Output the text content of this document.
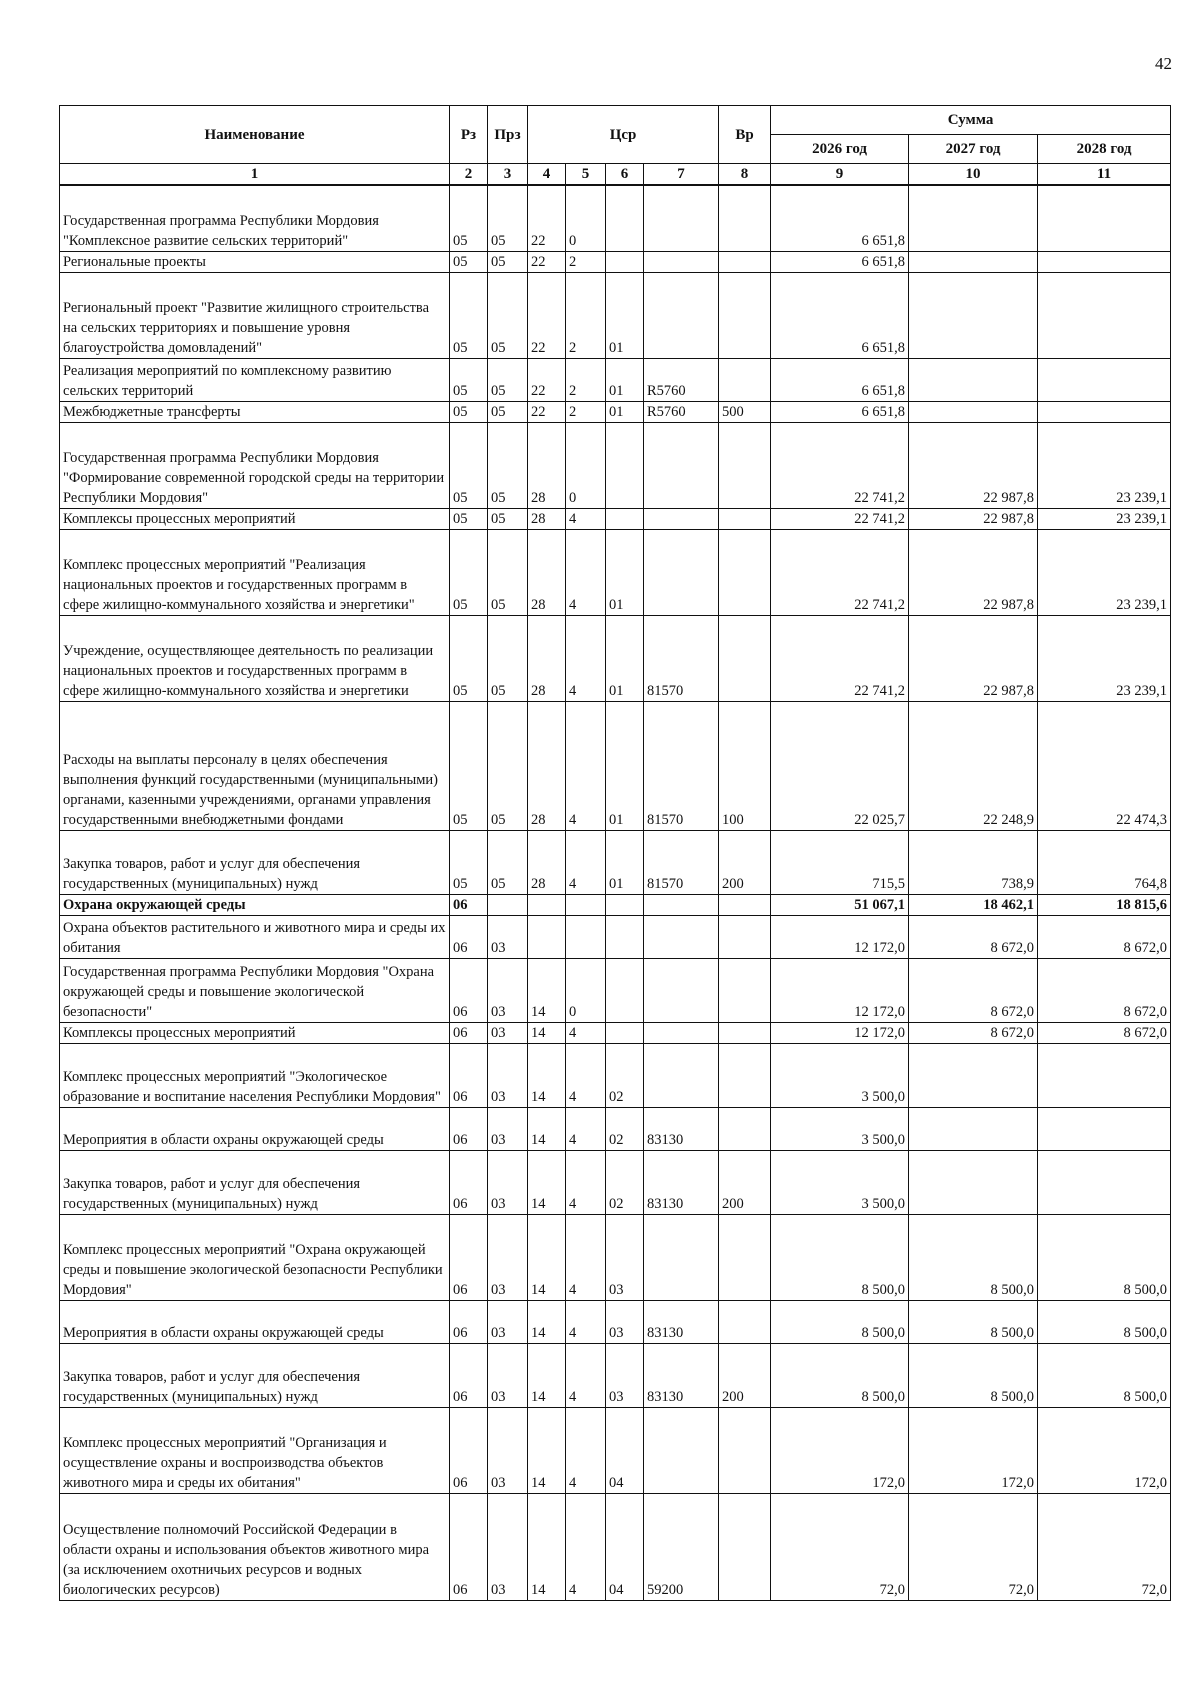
42
Наименование	Рз	Прз	Цср				Вр	Сумма		
								2026 год	2027 год	2028 год
1	2	3	4	5	6	7	8	9	10	11
Государственная программа Республики Мордовия "Комплексное развитие сельских территорий"	05	05	22	0				6 651,8		
Региональные проекты	05	05	22	2				6 651,8		
Региональный проект "Развитие жилищного строительства на сельских территориях и повышение уровня благоустройства домовладений"	05	05	22	2	01			6 651,8		
Реализация мероприятий по комплексному развитию сельских территорий	05	05	22	2	01	R5760		6 651,8		
Межбюджетные трансферты	05	05	22	2	01	R5760	500	6 651,8		
Государственная программа Республики Мордовия "Формирование современной городской среды на территории Республики Мордовия"	05	05	28	0				22 741,2	22 987,8	23 239,1
Комплексы процессных мероприятий	05	05	28	4				22 741,2	22 987,8	23 239,1
Комплекс процессных мероприятий "Реализация национальных проектов и государственных программ в сфере жилищно-коммунального хозяйства и энергетики"	05	05	28	4	01			22 741,2	22 987,8	23 239,1
Учреждение, осуществляющее деятельность по реализации национальных проектов и государственных программ в сфере жилищно-коммунального хозяйства и энергетики	05	05	28	4	01	81570		22 741,2	22 987,8	23 239,1
Расходы на выплаты персоналу в целях обеспечения выполнения функций государственными (муниципальными) органами, казенными учреждениями, органами управления государственными внебюджетными фондами	05	05	28	4	01	81570	100	22 025,7	22 248,9	22 474,3
Закупка товаров, работ и услуг для обеспечения государственных (муниципальных) нужд	05	05	28	4	01	81570	200	715,5	738,9	764,8
Охрана окружающей среды	06							51 067,1	18 462,1	18 815,6
Охрана объектов растительного и животного мира и среды их обитания	06	03						12 172,0	8 672,0	8 672,0
Государственная программа Республики Мордовия "Охрана окружающей среды и повышение экологической безопасности"	06	03	14	0				12 172,0	8 672,0	8 672,0
Комплексы процессных мероприятий	06	03	14	4				12 172,0	8 672,0	8 672,0
Комплекс процессных мероприятий "Экологическое образование и воспитание населения Республики Мордовия"	06	03	14	4	02			3 500,0		
Мероприятия в области охраны окружающей среды	06	03	14	4	02	83130		3 500,0		
Закупка товаров, работ и услуг для обеспечения государственных (муниципальных) нужд	06	03	14	4	02	83130	200	3 500,0		
Комплекс процессных мероприятий "Охрана окружающей среды и повышение экологической безопасности Республики Мордовия"	06	03	14	4	03			8 500,0	8 500,0	8 500,0
Мероприятия в области охраны окружающей среды	06	03	14	4	03	83130		8 500,0	8 500,0	8 500,0
Закупка товаров, работ и услуг для обеспечения государственных (муниципальных) нужд	06	03	14	4	03	83130	200	8 500,0	8 500,0	8 500,0
Комплекс процессных мероприятий "Организация и осуществление охраны и воспроизводства объектов животного мира и среды их обитания"	06	03	14	4	04			172,0	172,0	172,0
Осуществление полномочий Российской Федерации в области охраны и использования объектов животного мира (за исключением охотничьих ресурсов и водных биологических ресурсов)	06	03	14	4	04	59200		72,0	72,0	72,0
